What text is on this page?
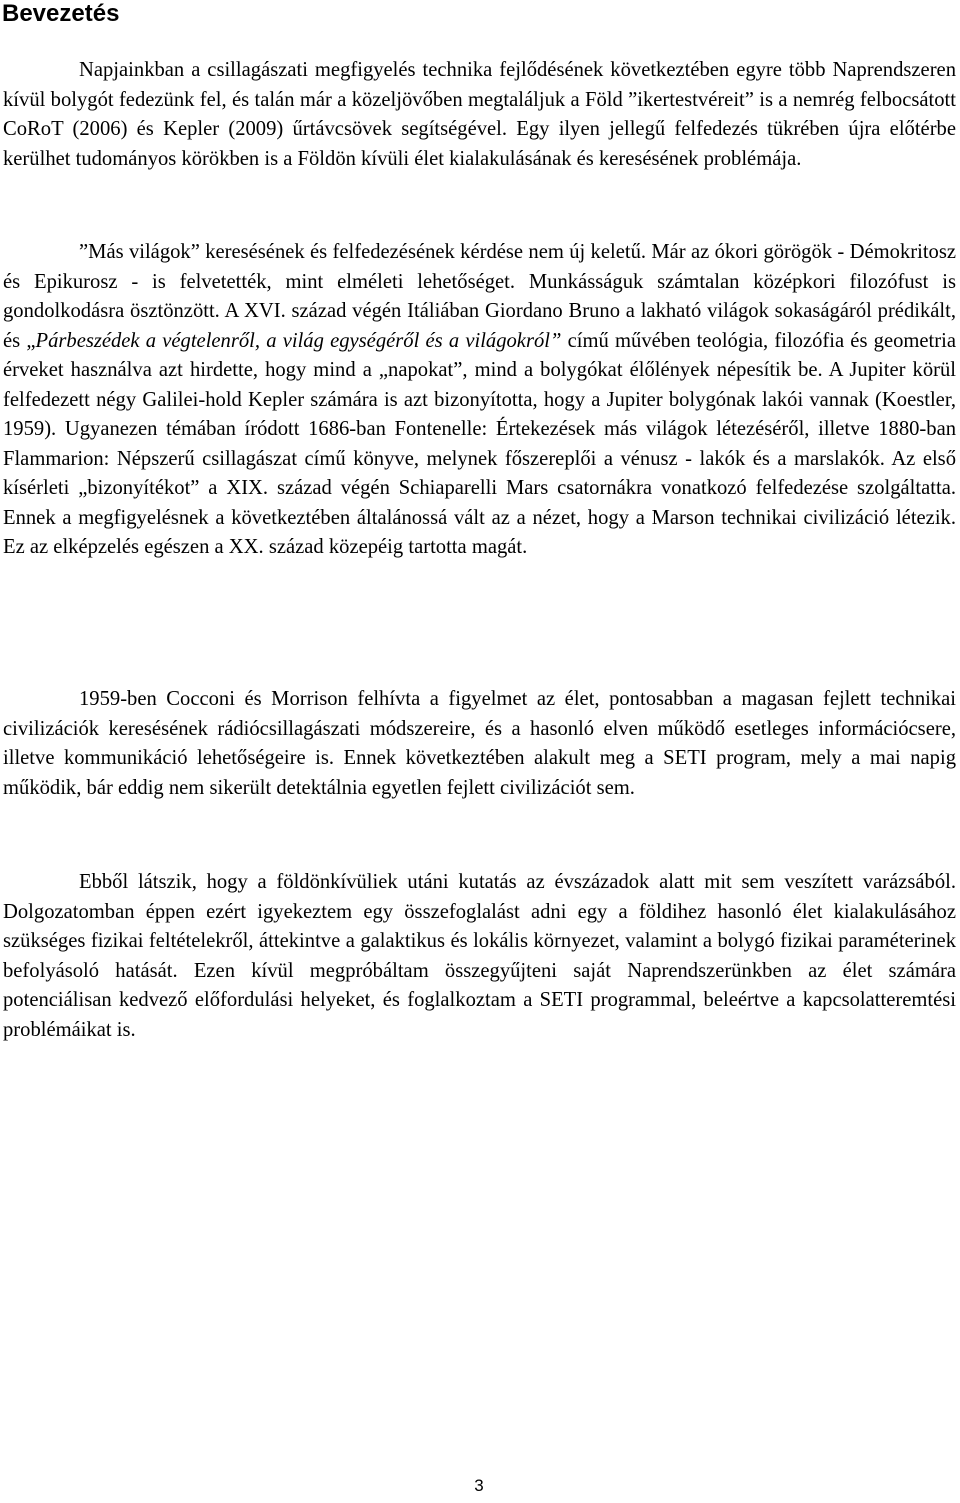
Bevezetés

Napjainkban a csillagászati megfigyelés technika fejlődésének következtében egyre több Naprendszeren kívül bolygót fedezünk fel, és talán már a közeljövőben megtaláljuk a Föld ”ikertestvéreit” is a nemrég felbocsátott CoRoT (2006) és Kepler (2009) űrtávcsövek segítségével. Egy ilyen jellegű felfedezés tükrében újra előtérbe kerülhet tudományos körökben is a Földön kívüli élet kialakulásának és keresésének problémája.

”Más világok” keresésének és felfedezésének kérdése nem új keletű. Már az ókori görögök - Démokritosz és Epikurosz - is felvetették, mint elméleti lehetőséget. Munkásságuk számtalan középkori filozófust is gondolkodásra ösztönzött. A XVI. század végén Itáliában Giordano Bruno a lakható világok sokaságáról prédikált, és „Párbeszédek a végtelenről, a világ egységéről és a világokról” című művében teológia, filozófia és geometria érveket használva azt hirdette, hogy mind a „napokat”, mind a bolygókat élőlények népesítik be. A Jupiter körül felfedezett négy Galilei-hold Kepler számára is azt bizonyította, hogy a Jupiter bolygónak lakói vannak (Koestler, 1959). Ugyanezen témában íródott 1686-ban Fontenelle: Értekezések más világok létezéséről, illetve 1880-ban Flammarion: Népszerű csillagászat című könyve, melynek főszereplői a vénusz - lakók és a marslakók. Az első kísérleti „bizonyítékot” a XIX. század végén Schiaparelli Mars csatornákra vonatkozó felfedezése szolgáltatta. Ennek a megfigyelésnek a következtében általánossá vált az a nézet, hogy a Marson technikai civilizáció létezik. Ez az elképzelés egészen a XX. század közepéig tartotta magát.

1959-ben Cocconi és Morrison felhívta a figyelmet az élet, pontosabban a magasan fejlett technikai civilizációk keresésének rádiócsillagászati módszereire, és a hasonló elven működő esetleges információcsere, illetve kommunikáció lehetőségeire is. Ennek következtében alakult meg a SETI program, mely a mai napig működik, bár eddig nem sikerült detektálnia egyetlen fejlett civilizációt sem.

Ebből látszik, hogy a földönkívüliek utáni kutatás az évszázadok alatt mit sem veszített varázsából. Dolgozatomban éppen ezért igyekeztem egy összefoglalást adni egy a földihez hasonló élet kialakulásához szükséges fizikai feltételekről, áttekintve a galaktikus és lokális környezet, valamint a bolygó fizikai paraméterinek befolyásoló hatását. Ezen kívül megpróbáltam összegyűjteni saját Naprendszerünkben az élet számára potenciálisan kedvező előfordulási helyeket, és foglalkoztam a SETI programmal, beleértve a kapcsolatteremtési problémáikat is.

3
